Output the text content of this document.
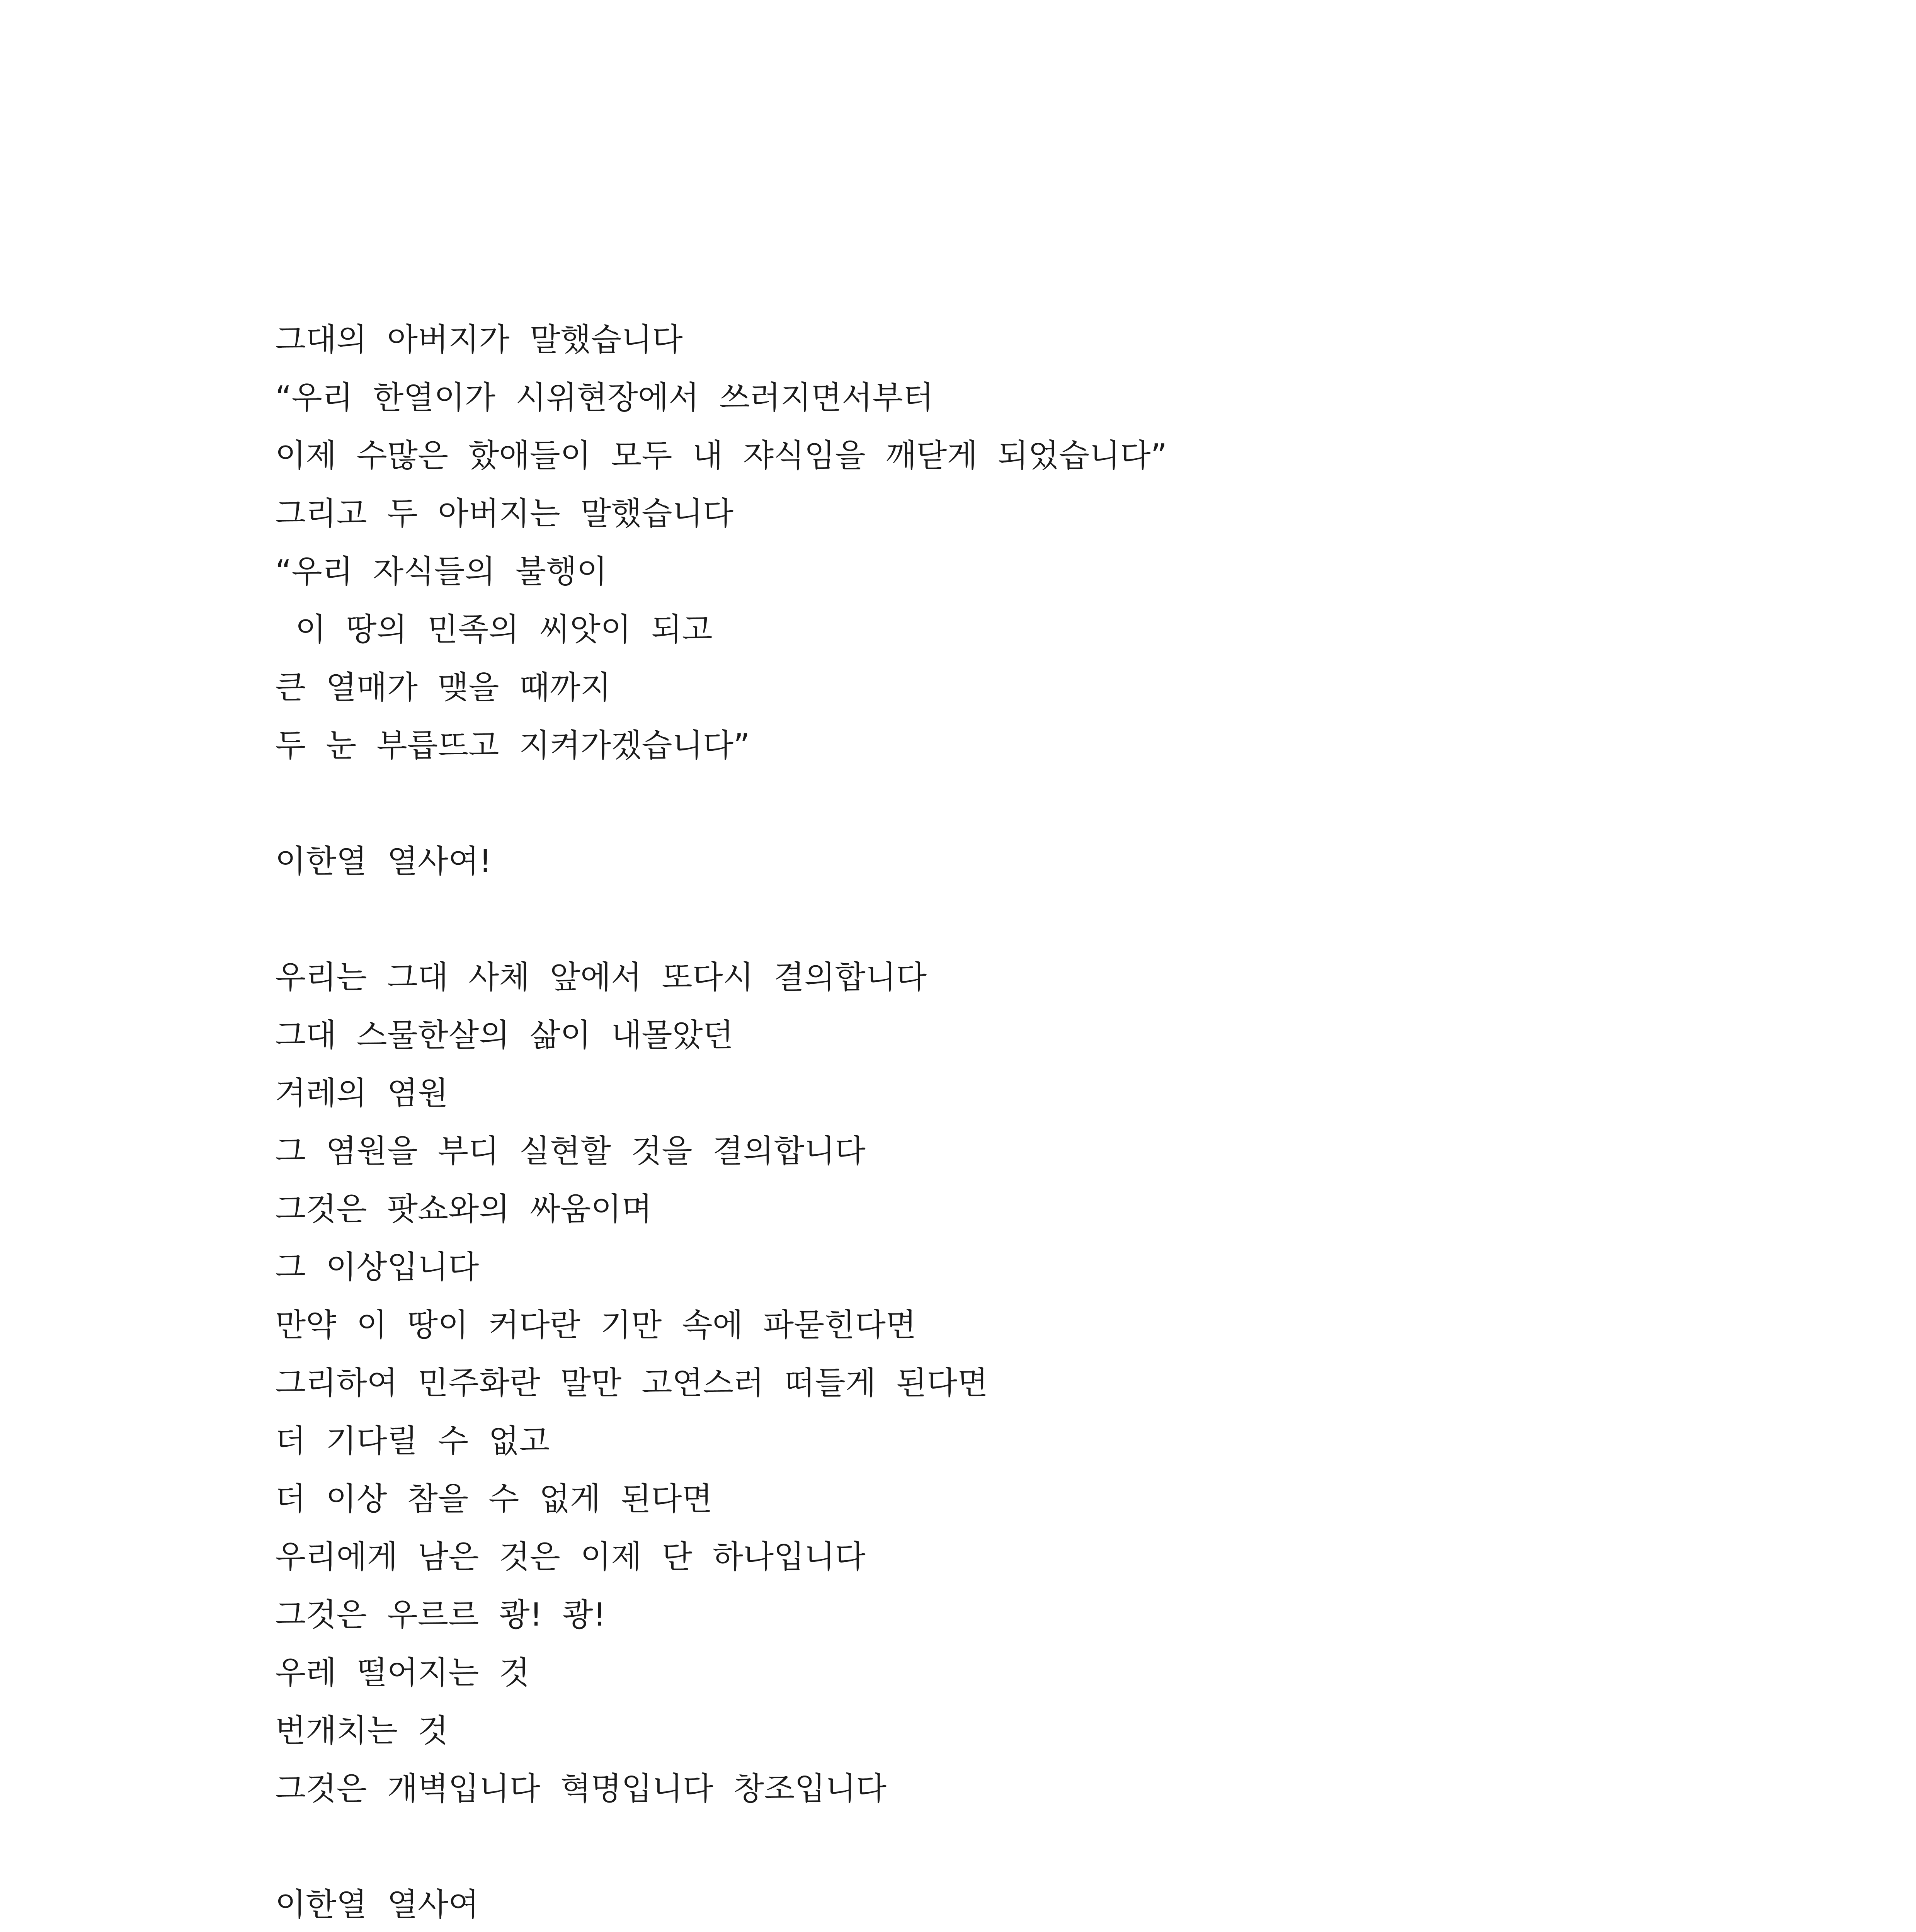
그대의 아버지가 말했습니다
“우리 한열이가 시위현장에서 쓰러지면서부터
이제 수많은 핬애들이 모두 내 쟈식임을 깨닫게 되었습니다”
그리고 두 아버지는 말했습니다
“우리 자식들의 불행이
이 땅의 민족의 씨앗이 되고
큰 열매가 맺을 때까지
두 눈 부릅뜨고 지켜가겠습니다”
이한열 열사여!
우리는 그대 사체 앞에서 또다시 결의합니다
그대 스물한살의 삶이 내몰았던
겨레의 염원
그 염원을 부디 실현할 것을 결의합니다
그것은 팟쇼와의 싸움이며
그 이상입니다
만약 이 땅이 커다란 기만 속에 파묻힌다면
그리하여 민주화란 말만 고연스러 떠들게 된다면
더 기다릴 수 없고
더 이상 참을 수 없게 된다면
우리에게 남은 것은 이제 단 하나입니다
그것은 우르르 쾅! 쾅!
우레 떨어지는 것
번개치는 것
그것은 개벽입니다 혁명입니다 창조입니다
이한열 열사여
